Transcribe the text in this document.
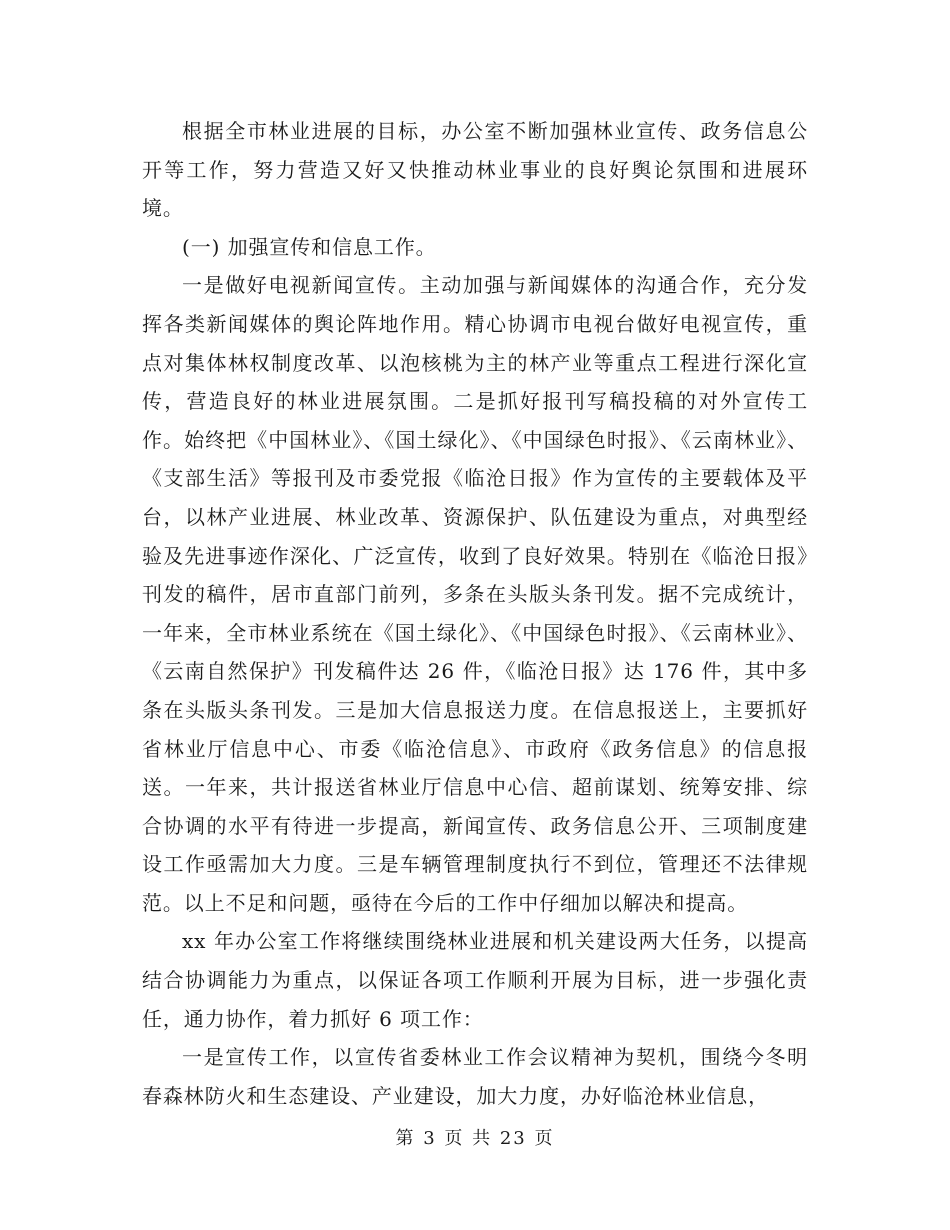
根据全市林业进展的目标，办公室不断加强林业宣传、政务信息公开等工作，努力营造又好又快推动林业事业的良好舆论氛围和进展环境。

(一) 加强宣传和信息工作。

一是做好电视新闻宣传。主动加强与新闻媒体的沟通合作，充分发挥各类新闻媒体的舆论阵地作用。精心协调市电视台做好电视宣传，重点对集体林权制度改革、以泡核桃为主的林产业等重点工程进行深化宣传，营造良好的林业进展氛围。二是抓好报刊写稿投稿的对外宣传工作。始终把《中国林业》、《国土绿化》、《中国绿色时报》、《云南林业》、《支部生活》等报刊及市委党报《临沧日报》作为宣传的主要载体及平台，以林产业进展、林业改革、资源保护、队伍建设为重点，对典型经验及先进事迹作深化、广泛宣传，收到了良好效果。特别在《临沧日报》刊发的稿件，居市直部门前列，多条在头版头条刊发。据不完成统计，一年来，全市林业系统在《国土绿化》、《中国绿色时报》、《云南林业》、《云南自然保护》刊发稿件达 26 件，《临沧日报》达 176 件，其中多条在头版头条刊发。三是加大信息报送力度。在信息报送上，主要抓好省林业厅信息中心、市委《临沧信息》、市政府《政务信息》的信息报送。一年来，共计报送省林业厅信息中心信、超前谋划、统筹安排、综合协调的水平有待进一步提高，新闻宣传、政务信息公开、三项制度建设工作亟需加大力度。三是车辆管理制度执行不到位，管理还不法律规范。以上不足和问题，亟待在今后的工作中仔细加以解决和提高。

xx 年办公室工作将继续围绕林业进展和机关建设两大任务，以提高结合协调能力为重点，以保证各项工作顺利开展为目标，进一步强化责任，通力协作，着力抓好 6 项工作：

一是宣传工作，以宣传省委林业工作会议精神为契机，围绕今冬明春森林防火和生态建设、产业建设，加大力度，办好临沧林业信息，

第 3 页 共 23 页
